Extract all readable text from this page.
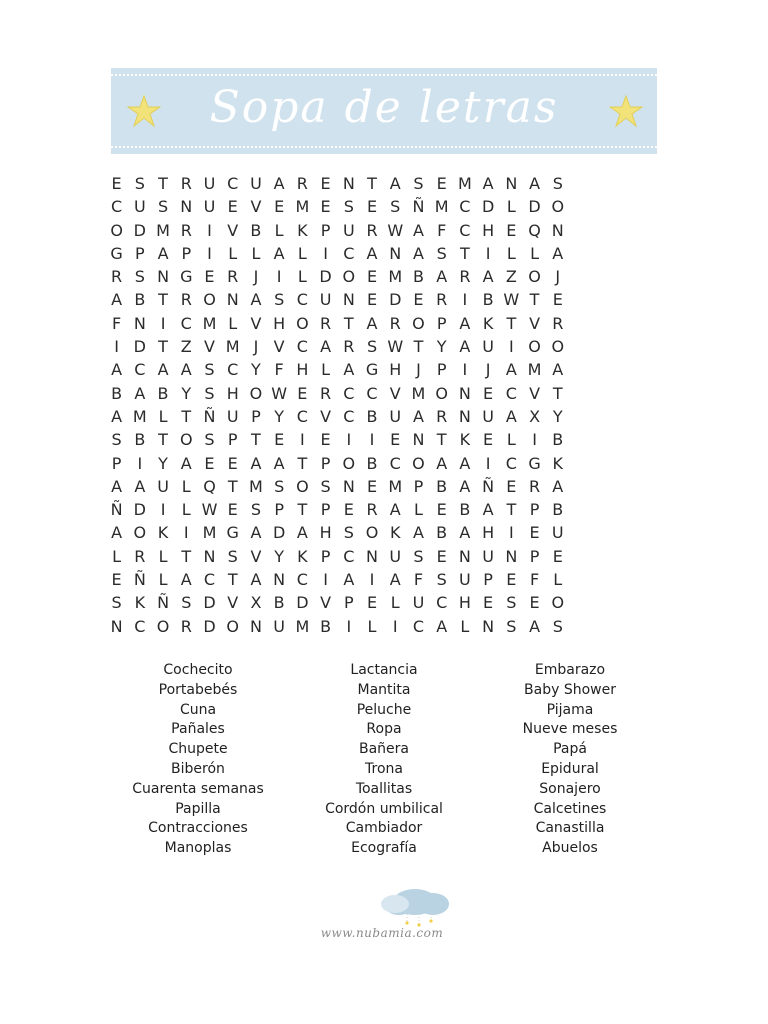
Sopa de letras
E S T R U C U A R E N T A S E M A N A S
C U S N U E V E M E S E S Ñ M C D L D O
O D M R I V B L K P U R W A F C H E Q N
G P A P	I	L L A L	I C A N A S T I	L L A
R S N G E R J	I	L D O E M B A R A Z O J
A B T R O N A S C U N E D E R I B W T E
F N I C M L V H O R T A R O P A K T V R
I D T Z V M J V C A R S W T Y A U I O O
A C A A S C Y F H L A G H J	P	I	J A M A
B A B Y S H O W E R C C V M O N E C V T
A M L T Ñ U P Y C V C B U A R N U A X Y
S B T O S P T E I E I	I E N T K E L	I B
P	I Y A E E A A T P O B C O A A I C G K
A A U L Q T M S O S N E M P B A Ñ E R A
Ñ D I	L W E S P T P E R A L E B A T P B
A O K I M G A D A H S O K A B A H I E U
L R L T N S V Y K P C N U S E N U N P E
E Ñ L A C T A N C I A I A F S U P E F L
S K Ñ S D V X B D V P E L U C H E S E O
N C O R D O N U M B I	L	I C A L N S A S
Cochecito
Portabebés
Cuna
Pañales
Chupete
Biberón
Cuarenta semanas
Papilla
Contracciones
Manoplas
Lactancia
Mantita
Peluche
Ropa
Bañera
Trona
Toallitas
Cordón umbilical
Cambiador
Ecografía
Embarazo
Baby Shower
Pijama
Nueve meses
Papá
Epidural
Sonajero
Calcetines
Canastilla
Abuelos
www.nubamia.com
